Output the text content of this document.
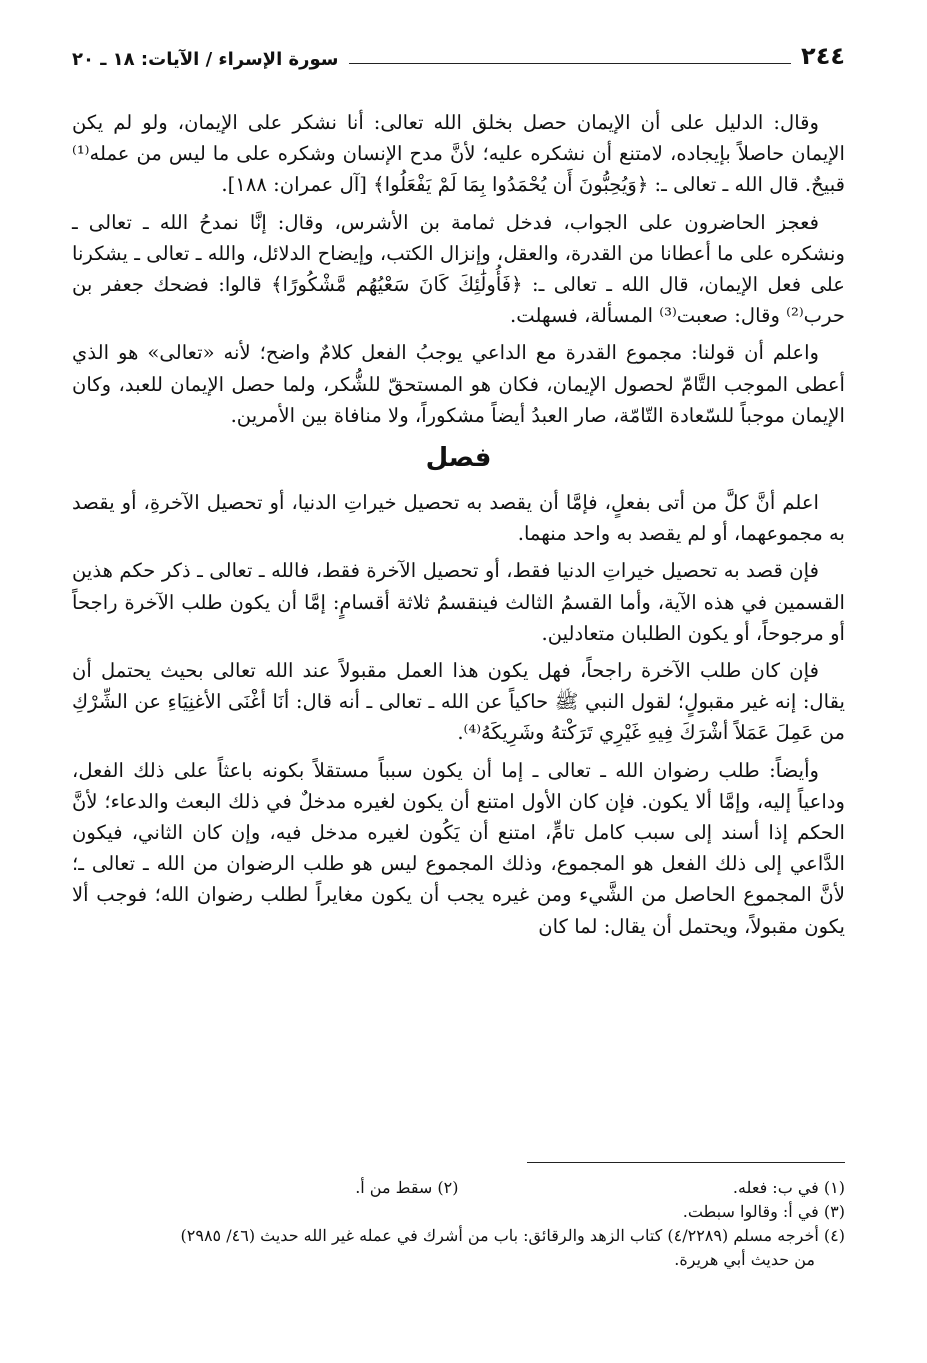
٢٤٤
سورة الإسراء / الآيات: ١٨ ـ ٢٠

وقال: الدليل على أن الإيمان حصل بخلق الله تعالى: أنا نشكر على الإيمان، ولو لم يكن الإيمان حاصلاً بإيجاده، لامتنع أن نشكره عليه؛ لأنَّ مدح الإنسان وشكره على ما ليس من عمله⁽¹⁾ قبيحٌ. قال الله ـ تعالى ـ: ﴿وَيُحِبُّونَ أَن يُحْمَدُوا بِمَا لَمْ يَفْعَلُوا﴾ [آل عمران: ١٨٨].

فعجز الحاضرون على الجواب، فدخل ثمامة بن الأشرس، وقال: إنَّا نمدحُ الله ـ تعالى ـ ونشكره على ما أعطانا من القدرة، والعقل، وإنزال الكتب، وإيضاح الدلائل، والله ـ تعالى ـ يشكرنا على فعل الإيمان، قال الله ـ تعالى ـ: ﴿فَأُولَٰئِكَ كَانَ سَعْيُهُم مَّشْكُورًا﴾ قالوا: فضحك جعفر بن حرب⁽²⁾ وقال: صعبت⁽³⁾ المسألة، فسهلت.

واعلم أن قولنا: مجموع القدرة مع الداعي يوجبُ الفعل كلامٌ واضح؛ لأنه «تعالى» هو الذي أعطى الموجب التَّامّ لحصول الإيمان، فكان هو المستحقّ للشُّكر، ولما حصل الإيمان للعبد، وكان الإيمان موجباً للسّعادة التّامّة، صار العبدُ أيضاً مشكوراً، ولا منافاة بين الأمرين.

فصل

اعلم أنَّ كلَّ من أتى بفعلٍ، فإمَّا أن يقصد به تحصيل خيراتِ الدنيا، أو تحصيل الآخرةِ، أو يقصد به مجموعهما، أو لم يقصد به واحد منهما.

فإن قصد به تحصيل خيراتِ الدنيا فقط، أو تحصيل الآخرة فقط، فالله ـ تعالى ـ ذكر حكم هذين القسمين في هذه الآية، وأما القسمُ الثالث فينقسمُ ثلاثة أقسامٍ: إمَّا أن يكون طلب الآخرة راجحاً أو مرجوحاً، أو يكون الطلبان متعادلين.

فإن كان طلب الآخرة راجحاً، فهل يكون هذا العمل مقبولاً عند الله تعالى بحيث يحتمل أن يقال: إنه غير مقبولٍ؛ لقول النبي ﷺ حاكياً عن الله ـ تعالى ـ أنه قال: أنَا أغْنَى الأغنِيَاءِ عن الشِّرْكِ من عَمِلَ عَمَلاً أشْرَكَ فِيهِ غَيْرِي تَرَكْتهُ وشَرِيكَهُ⁽⁴⁾.

وأيضاً: طلب رضوان الله ـ تعالى ـ إما أن يكون سبباً مستقلاً بكونه باعثاً على ذلك الفعل، وداعياً إليه، وإمَّا ألا يكون. فإن كان الأول امتنع أن يكون لغيره مدخلٌ في ذلك البعث والدعاء؛ لأنَّ الحكم إذا أسند إلى سبب كامل تامٍّ، امتنع أن يَكُون لغيره مدخل فيه، وإن كان الثاني، فيكون الدَّاعي إلى ذلك الفعل هو المجموع، وذلك المجموع ليس هو طلب الرضوان من الله ـ تعالى ـ؛ لأنَّ المجموع الحاصل من الشَّيء ومن غيره يجب أن يكون مغايراً لطلب رضوان الله؛ فوجب ألا يكون مقبولاً، ويحتمل أن يقال: لما كان

(١) في ب: فعله.
(٢) سقط من أ.
(٣) في أ: وقالوا سبطت.
(٤) أخرجه مسلم (٤/٢٢٨٩) كتاب الزهد والرقائق: باب من أشرك في عمله غير الله حديث (٤٦/ ٢٩٨٥)
من حديث أبي هريرة.
